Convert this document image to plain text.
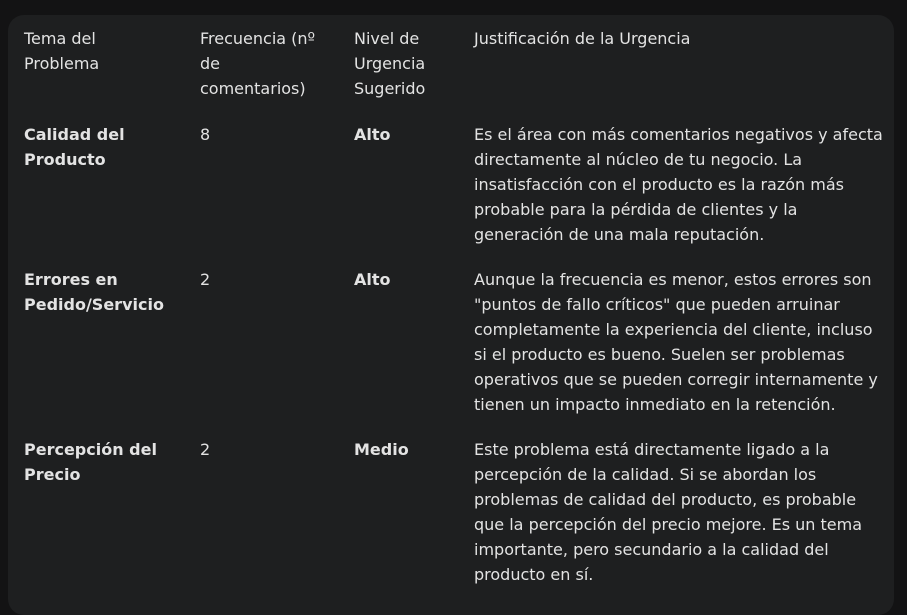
Tema del Problema	Frecuencia (nº de comentarios)	Nivel de Urgencia Sugerido	Justificación de la Urgencia
Calidad del Producto	8	Alto	Es el área con más comentarios negativos y afecta directamente al núcleo de tu negocio. La insatisfacción con el producto es la razón más probable para la pérdida de clientes y la generación de una mala reputación.
Errores en Pedido/Servicio	2	Alto	Aunque la frecuencia es menor, estos errores son "puntos de fallo críticos" que pueden arruinar completamente la experiencia del cliente, incluso si el producto es bueno. Suelen ser problemas operativos que se pueden corregir internamente y tienen un impacto inmediato en la retención.
Percepción del Precio	2	Medio	Este problema está directamente ligado a la percepción de la calidad. Si se abordan los problemas de calidad del producto, es probable que la percepción del precio mejore. Es un tema importante, pero secundario a la calidad del producto en sí.
